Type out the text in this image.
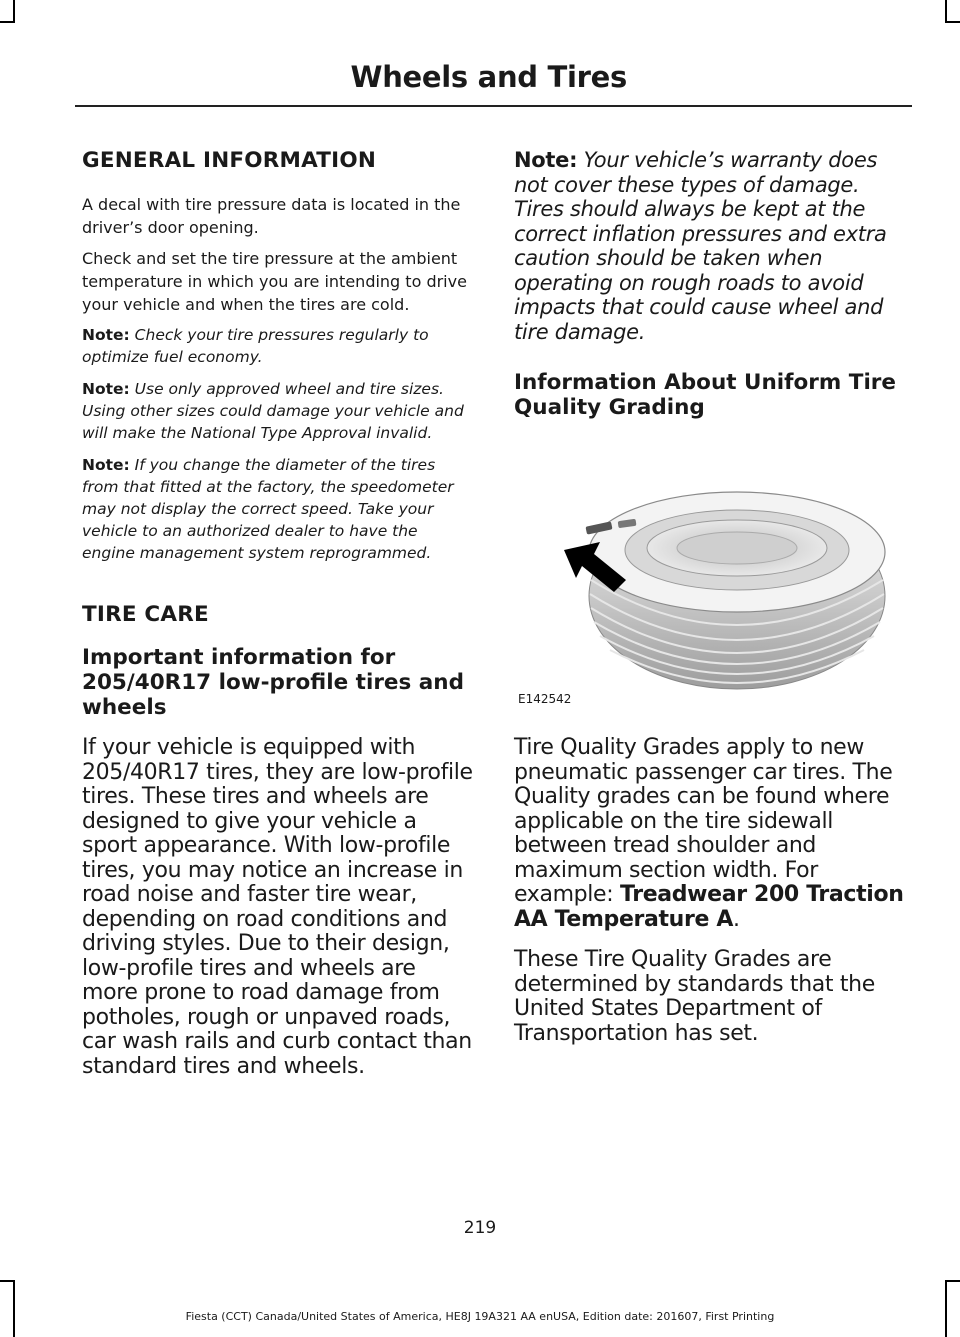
Wheels and Tires
GENERAL INFORMATION

A decal with tire pressure data is located in the driver’s door opening.

Check and set the tire pressure at the ambient temperature in which you are intending to drive your vehicle and when the tires are cold.

Note: Check your tire pressures regularly to optimize fuel economy.

Note: Use only approved wheel and tire sizes. Using other sizes could damage your vehicle and will make the National Type Approval invalid.

Note: If you change the diameter of the tires from that fitted at the factory, the speedometer may not display the correct speed. Take your vehicle to an authorized dealer to have the engine management system reprogrammed.

TIRE CARE
Important information for 205/40R17 low-profile tires and wheels

If your vehicle is equipped with 205/40R17 tires, they are low-profile tires. These tires and wheels are designed to give your vehicle a sport appearance. With low-profile tires, you may notice an increase in road noise and faster tire wear, depending on road conditions and driving styles. Due to their design, low-profile tires and wheels are more prone to road damage from potholes, rough or unpaved roads, car wash rails and curb contact than standard tires and wheels.

Note: Your vehicle’s warranty does not cover these types of damage. Tires should always be kept at the correct inflation pressures and extra caution should be taken when operating on rough roads to avoid impacts that could cause wheel and tire damage.

Information About Uniform Tire Quality Grading
E142542

Tire Quality Grades apply to new pneumatic passenger car tires. The Quality grades can be found where applicable on the tire sidewall between tread shoulder and maximum section width. For example: Treadwear 200 Traction AA Temperature A.

These Tire Quality Grades are determined by standards that the United States Department of Transportation has set.

219
Fiesta (CCT) Canada/United States of America, HE8J 19A321 AA enUSA, Edition date: 201607, First Printing
